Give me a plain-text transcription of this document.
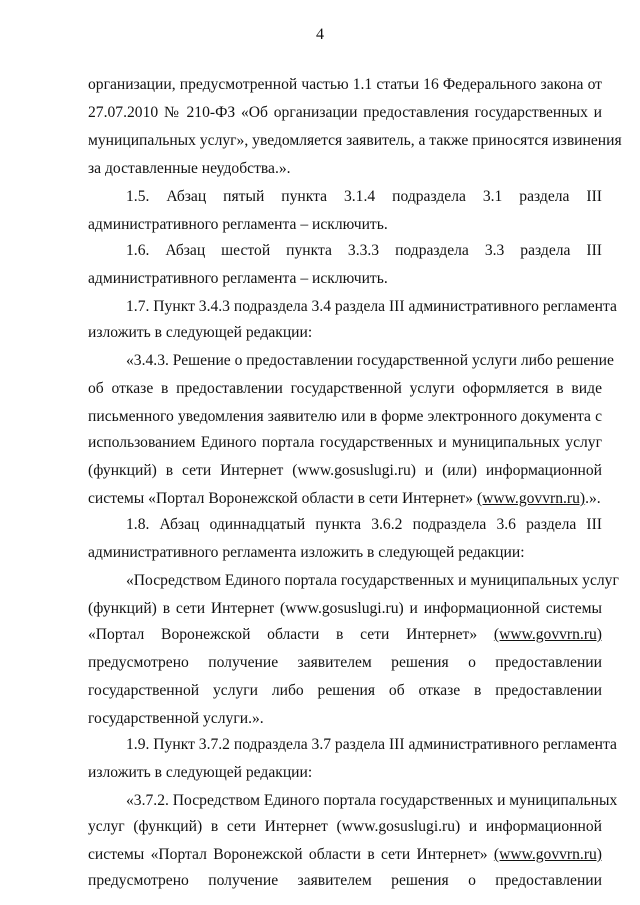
4
организации, предусмотренной частью 1.1 статьи 16 Федерального закона от
27.07.2010 № 210-ФЗ «Об организации предоставления государственных и
муниципальных услуг», уведомляется заявитель, а также приносятся извинения
за доставленные неудобства.».
1.5. Абзац пятый пункта 3.1.4 подраздела 3.1 раздела III
административного регламента – исключить.
1.6. Абзац шестой пункта 3.3.3 подраздела 3.3 раздела III
административного регламента – исключить.
1.7. Пункт 3.4.3 подраздела 3.4 раздела III административного регламента
изложить в следующей редакции:
«3.4.3. Решение о предоставлении государственной услуги либо решение
об отказе в предоставлении государственной услуги оформляется в виде
письменного уведомления заявителю или в форме электронного документа с
использованием Единого портала государственных и муниципальных услуг
(функций) в сети Интернет (www.gosuslugi.ru) и (или) информационной
системы «Портал Воронежской области в сети Интернет» (www.govvrn.ru).».
1.8. Абзац одиннадцатый пункта 3.6.2 подраздела 3.6 раздела III
административного регламента изложить в следующей редакции:
«Посредством Единого портала государственных и муниципальных услуг
(функций) в сети Интернет (www.gosuslugi.ru) и информационной системы
«Портал Воронежской области в сети Интернет» (www.govvrn.ru)
предусмотрено получение заявителем решения о предоставлении
государственной услуги либо решения об отказе в предоставлении
государственной услуги.».
1.9. Пункт 3.7.2 подраздела 3.7 раздела III административного регламента
изложить в следующей редакции:
«3.7.2. Посредством Единого портала государственных и муниципальных
услуг (функций) в сети Интернет (www.gosuslugi.ru) и информационной
системы «Портал Воронежской области в сети Интернет» (www.govvrn.ru)
предусмотрено получение заявителем решения о предоставлении
